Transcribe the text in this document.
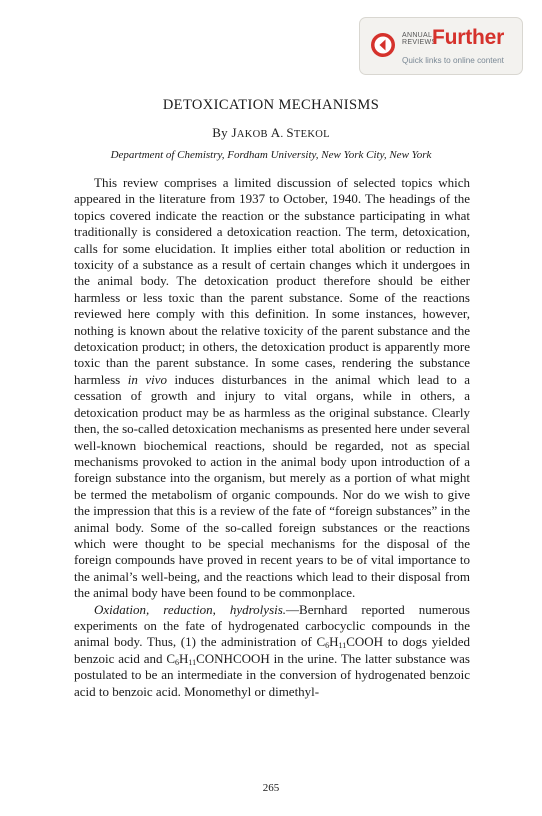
ANNUAL
REVIEWS
Further
Quick links to online content
DETOXICATION MECHANISMS
By JAKOB A. STEKOL
Department of Chemistry, Fordham University, New York City, New York

This review comprises a limited discussion of selected topics which appeared in the literature from 1937 to October, 1940. The headings of the topics covered indicate the reaction or the substance participating in what traditionally is considered a detoxication reaction. The term, detoxication, calls for some elucidation. It implies either total abolition or reduction in toxicity of a substance as a result of certain changes which it undergoes in the animal body. The detoxication product therefore should be either harmless or less toxic than the parent substance. Some of the reactions reviewed here comply with this definition. In some instances, however, nothing is known about the relative toxicity of the parent substance and the detoxication product; in others, the detoxication product is apparently more toxic than the parent substance. In some cases, rendering the substance harmless in vivo induces disturbances in the animal which lead to a cessation of growth and injury to vital organs, while in others, a detoxication product may be as harmless as the original substance. Clearly then, the so-called detoxication mechanisms as presented here under several well-known biochemical reactions, should be regarded, not as special mechanisms provoked to action in the animal body upon introduction of a foreign substance into the organism, but merely as a portion of what might be termed the metabolism of organic compounds. Nor do we wish to give the impression that this is a review of the fate of “foreign substances” in the animal body. Some of the so-called foreign substances or the reactions which were thought to be special mechanisms for the disposal of the foreign compounds have proved in recent years to be of vital importance to the animal’s well-being, and the reactions which lead to their disposal from the animal body have been found to be commonplace.

Oxidation, reduction, hydrolysis.—Bernhard reported numerous experiments on the fate of hydrogenated carbocyclic compounds in the animal body. Thus, (1) the administration of $C_6H_{11}COOH$ to dogs yielded benzoic acid and $C_6H_{11}CONHCOOH$ in the urine. The latter substance was postulated to be an intermediate in the conversion of hydrogenated benzoic acid to benzoic acid. Monomethyl or dimethyl-

265
